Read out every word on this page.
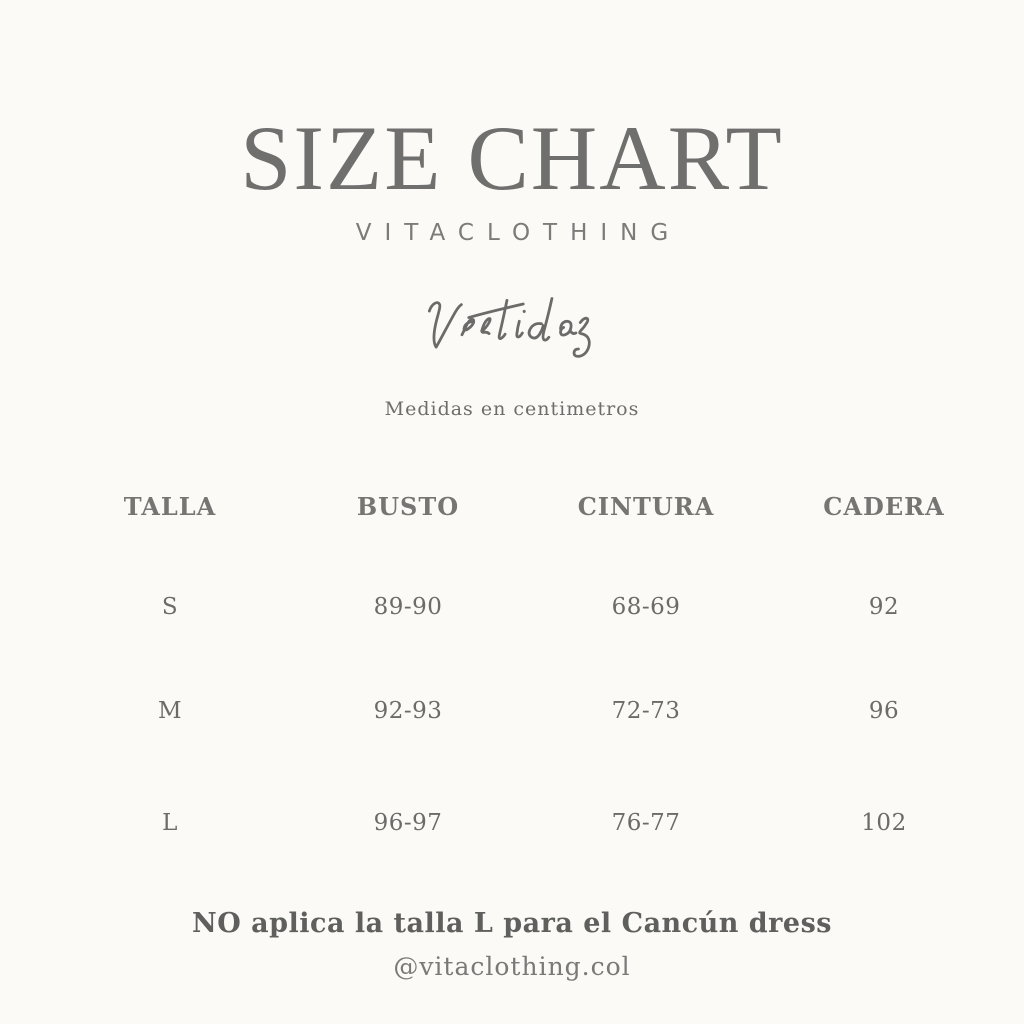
SIZE CHART
VITACLOTHING
Medidas en centimetros
TALLA	BUSTO	CINTURA	CADERA
S	89-90	68-69	92
M	92-93	72-73	96
L	96-97	76-77	102
NO aplica la talla L para el Cancún dress
@vitaclothing.col
